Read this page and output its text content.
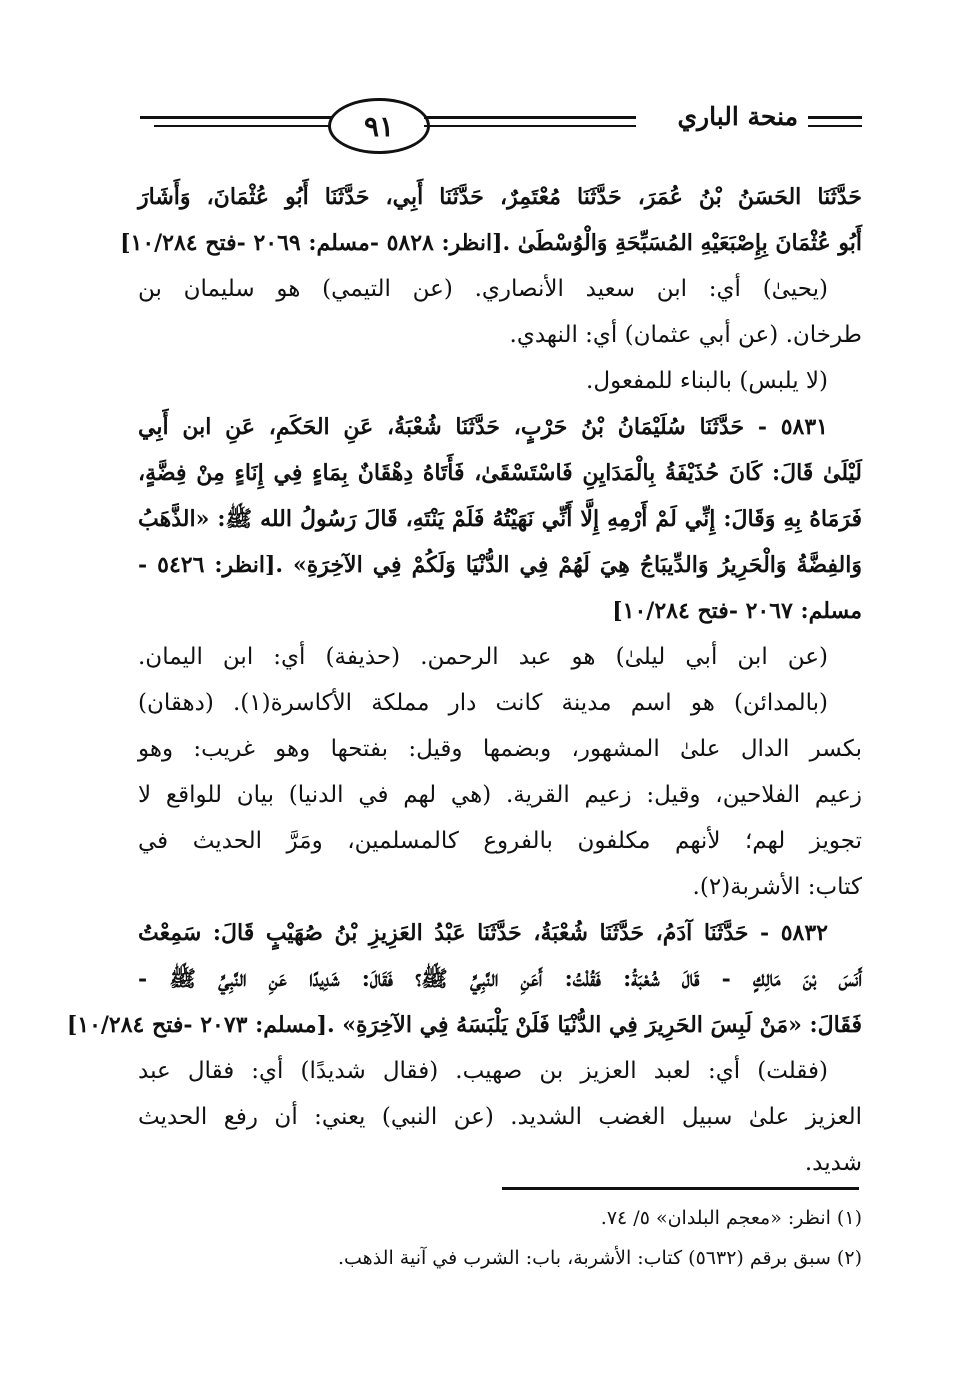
٩١	منحة الباري
حَدَّثَنَا الحَسَنُ بْنُ عُمَرَ، حَدَّثَنَا مُعْتَمِرٌ، حَدَّثَنَا أَبِي، حَدَّثَنَا أَبُو عُثْمَانَ، وَأَشَارَ
أَبُو عُثْمَانَ بِإِصْبَعَيْهِ المُسَبِّحَةِ وَالْوُسْطَىٰ .[انظر: ٥٨٢٨ -مسلم: ٢٠٦٩ -فتح ١٠/٢٨٤]
(يحيىٰ) أي: ابن سعيد الأنصاري. (عن التيمي) هو سليمان بن
طرخان. (عن أبي عثمان) أي: النهدي.
(لا يلبس) بالبناء للمفعول.
٥٨٣١ - حَدَّثَنَا سُلَيْمَانُ بْنُ حَرْبٍ، حَدَّثَنَا شُعْبَةُ، عَنِ الحَكَمِ، عَنِ ابن أَبِي
لَيْلَىٰ قَالَ: كَانَ حُذَيْفَةُ بِالْمَدَايِنِ فَاسْتَسْقَىٰ، فَأَتَاهُ دِهْقَانٌ بِمَاءٍ فِي إِنَاءٍ مِنْ فِضَّةٍ،
فَرَمَاهُ بِهِ وَقَالَ: إِنِّي لَمْ أَرْمِهِ إِلَّا أَنِّي نَهَيْتُهُ فَلَمْ يَنْتَهِ، قَالَ رَسُولُ الله ﷺ: «الذَّهَبُ
وَالفِضَّةُ وَالْحَرِيرُ وَالدِّيبَاجُ هِيَ لَهُمْ فِي الدُّنْيَا وَلَكُمْ فِي الآخِرَةِ» .[انظر: ٥٤٢٦ -
مسلم: ٢٠٦٧ -فتح ١٠/٢٨٤]
(عن ابن أبي ليلىٰ) هو عبد الرحمن. (حذيفة) أي: ابن اليمان.
(بالمدائن) هو اسم مدينة كانت دار مملكة الأكاسرة(١). (دهقان)
بكسر الدال علىٰ المشهور، وبضمها وقيل: بفتحها وهو غريب: وهو
زعيم الفلاحين، وقيل: زعيم القرية. (هي لهم في الدنيا) بيان للواقع لا
تجويز لهم؛ لأنهم مكلفون بالفروع كالمسلمين، ومَرَّ الحديث في
كتاب: الأشربة(٢).
٥٨٣٢ - حَدَّثَنَا آدَمُ، حَدَّثَنَا شُعْبَةُ، حَدَّثَنَا عَبْدُ العَزِيزِ بْنُ صُهَيْبٍ قَالَ: سَمِعْتُ
أَنَسَ بْنَ مَالِكٍ - قَالَ شُعْبَةُ: فَقُلْتُ: أَعَنِ النَّبِيِّ ﷺ؟ فَقَالَ: شَدِيدًا عَنِ النَّبِيِّ ﷺ -
فَقَالَ: «مَنْ لَبِسَ الحَرِيرَ فِي الدُّنْيَا فَلَنْ يَلْبَسَهُ فِي الآخِرَةِ» .[مسلم: ٢٠٧٣ -فتح ١٠/٢٨٤]
(فقلت) أي: لعبد العزيز بن صهيب. (فقال شديدًا) أي: فقال عبد
العزيز علىٰ سبيل الغضب الشديد. (عن النبي) يعني: أن رفع الحديث
شديد.
(١) انظر: «معجم البلدان» ٥/ ٧٤.
(٢) سبق برقم (٥٦٣٢) كتاب: الأشربة، باب: الشرب في آنية الذهب.
